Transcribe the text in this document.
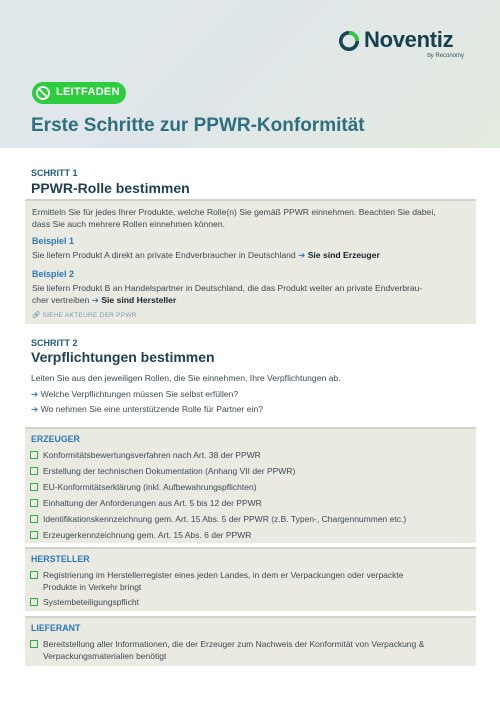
Noventiz
by Reconomy
LEITFADEN
Erste Schritte zur PPWR-Konformität
SCHRITT 1
PPWR-Rolle bestimmen
Ermitteln Sie für jedes Ihrer Produkte, welche Rolle(n) Sie gemäß PPWR einnehmen. Beachten Sie dabei,
dass Sie auch mehrere Rollen einnehmen können.
Beispiel 1
Sie liefern Produkt A direkt an private Endverbraucher in Deutschland ➔ Sie sind Erzeuger
Beispiel 2
Sie liefern Produkt B an Handelspartner in Deutschland, die das Produkt weiter an private Endverbrau-
cher vertreiben ➔ Sie sind Hersteller
🔗 SIEHE AKTEURE DER PPWR
SCHRITT 2
Verpflichtungen bestimmen
Leiten Sie aus den jeweiligen Rollen, die Sie einnehmen, Ihre Verpflichtungen ab.
➔ Welche Verpflichtungen müssen Sie selbst erfüllen?
➔ Wo nehmen Sie eine unterstützende Rolle für Partner ein?
ERZEUGER
Konformitätsbewertungsverfahren nach Art. 38 der PPWR
Erstellung der technischen Dokumentation (Anhang VII der PPWR)
EU-Konformitätserklärung (inkl. Aufbewahrungspflichten)
Einhaltung der Anforderungen aus Art. 5 bis 12 der PPWR
Identifikationskennzeichnung gem. Art. 15 Abs. 5 der PPWR (z.B. Typen-, Chargennummen etc.)
Erzeugerkennzeichnung gem. Art. 15 Abs. 6 der PPWR
HERSTELLER
Registrierung im Herstellerregister eines jeden Landes, in dem er Verpackungen oder verpackte
Produkte in Verkehr bringt
Systembeteiligungspflicht
LIEFERANT
Bereitstellung aller Informationen, die der Erzeuger zum Nachweis der Konformität von Verpackung &
Verpackungsmaterialien benötigt
